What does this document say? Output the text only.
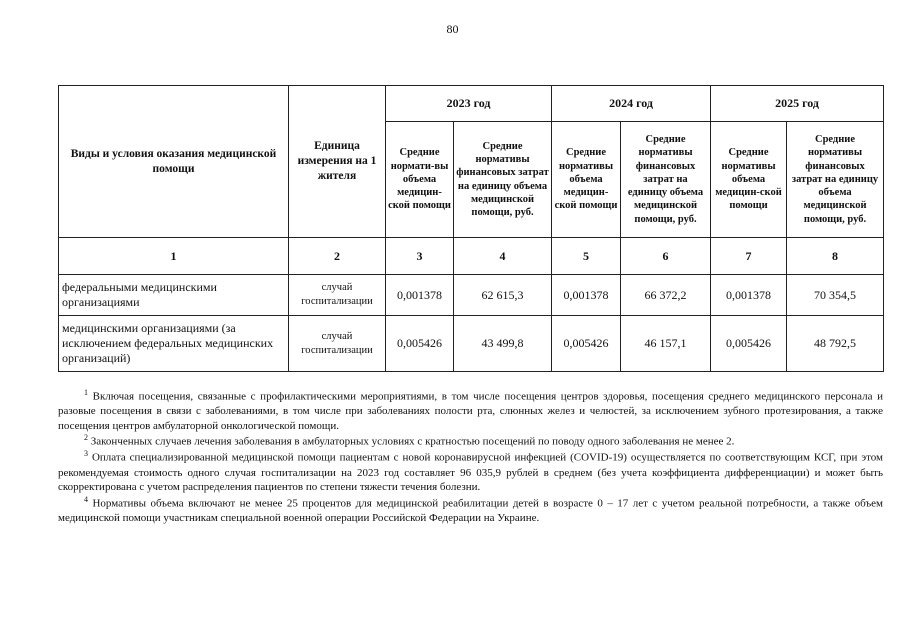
80
Виды и условия оказания медицинской помощи	Единица измерения на 1 жителя	2023 год		2024 год		2025 год	
		Средние нормати-вы объема медицин-ской помощи	Средние нормативы финансовых затрат на единицу объема медицинской помощи, руб.	Средние нормативы объема медицин-ской помощи	Средние нормативы финансовых затрат на единицу объема медицинской помощи, руб.	Средние нормативы объема медицин-ской помощи	Средние нормативы финансовых затрат на единицу объема медицинской помощи, руб.
1	2	3	4	5	6	7	8
федеральными медицинскими организациями	случай госпитализации	0,001378	62 615,3	0,001378	66 372,2	0,001378	70 354,5
медицинскими организациями (за исключением федеральных медицинских организаций)	случай госпитализации	0,005426	43 499,8	0,005426	46 157,1	0,005426	48 792,5

$^1$ Включая посещения, связанные с профилактическими мероприятиями, в том числе посещения центров здоровья, посещения среднего медицинского персонала и разовые посещения в связи с заболеваниями, в том числе при заболеваниях полости рта, слюнных желез и челюстей, за исключением зубного протезирования, а также посещения центров амбулаторной онкологической помощи.

$^2$ Законченных случаев лечения заболевания в амбулаторных условиях с кратностью посещений по поводу одного заболевания не менее 2.

$^3$ Оплата специализированной медицинской помощи пациентам с новой коронавирусной инфекцией (COVID-19) осуществляется по соответствующим КСГ, при этом рекомендуемая стоимость одного случая госпитализации на 2023 год составляет 96 035,9 рублей в среднем (без учета коэффициента дифференциации) и может быть скорректирована с учетом распределения пациентов по степени тяжести течения болезни.

$^4$ Нормативы объема включают не менее 25 процентов для медицинской реабилитации детей в возрасте 0 – 17 лет с учетом реальной потребности, а также объем медицинской помощи участникам специальной военной операции Российской Федерации на Украине.
